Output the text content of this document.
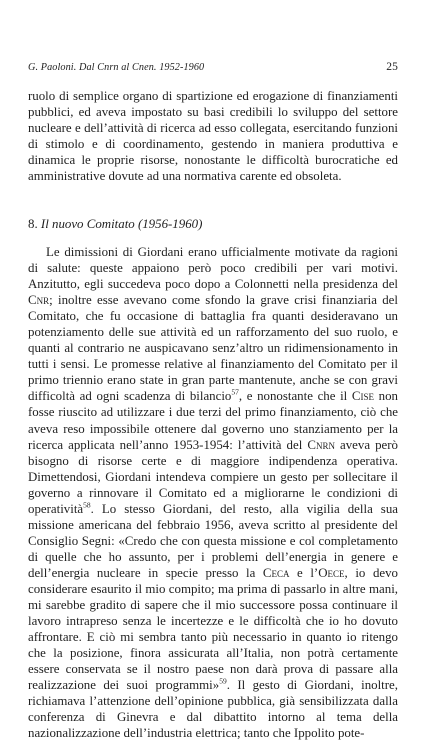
G. Paoloni. Dal Cnrn al Cnen. 1952-1960	25

ruolo di semplice organo di spartizione ed erogazione di finanziamenti pubblici, ed aveva impostato su basi credibili lo sviluppo del settore nucleare e dell’attività di ricerca ad esso collegata, esercitando funzioni di stimolo e di coordinamento, gestendo in maniera produttiva e dinamica le proprie risorse, nonostante le difficoltà burocratiche ed amministrative dovute ad una normativa carente ed obsoleta.

8. Il nuovo Comitato (1956-1960)

Le dimissioni di Giordani erano ufficialmente motivate da ragioni di salute: queste appaiono però poco credibili per vari motivi. Anzitutto, egli succedeva poco dopo a Colonnetti nella presidenza del Cnr; inoltre esse avevano come sfondo la grave crisi finanziaria del Comitato, che fu occasione di battaglia fra quanti desideravano un potenziamento delle sue attività ed un rafforzamento del suo ruolo, e quanti al contrario ne auspicavano senz’altro un ridimensionamento in tutti i sensi. Le promesse relative al finanziamento del Comitato per il primo triennio erano state in gran parte mantenute, anche se con gravi difficoltà ad ogni scadenza di bilancio$^{57}$, e nonostante che il Cise non fosse riuscito ad utilizzare i due terzi del primo finanziamento, ciò che aveva reso impossibile ottenere dal governo uno stanziamento per la ricerca applicata nell’anno 1953-1954: l’attività del Cnrn aveva però bisogno di risorse certe e di maggiore indipendenza operativa. Dimettendosi, Giordani intendeva compiere un gesto per sollecitare il governo a rinnovare il Comitato ed a migliorarne le condizioni di operatività$^{58}$. Lo stesso Giordani, del resto, alla vigilia della sua missione americana del febbraio 1956, aveva scritto al presidente del Consiglio Segni: «Credo che con questa missione e col completamento di quelle che ho assunto, per i problemi dell’energia in genere e dell’energia nucleare in specie presso la Ceca e l’Oece, io devo considerare esaurito il mio compito; ma prima di passarlo in altre mani, mi sarebbe gradito di sapere che il mio successore possa continuare il lavoro intrapreso senza le incertezze e le difficoltà che io ho dovuto affrontare. E ciò mi sembra tanto più necessario in quanto io ritengo che la posizione, finora assicurata all’Italia, non potrà certamente essere conservata se il nostro paese non darà prova di passare alla realizzazione dei suoi programmi»$^{59}$. Il gesto di Giordani, inoltre, richiamava l’attenzione dell’opinione pubblica, già sensibilizzata dalla conferenza di Ginevra e dal dibattito intorno al tema della nazionalizzazione dell’industria elettrica; tanto che Ippolito pote-
